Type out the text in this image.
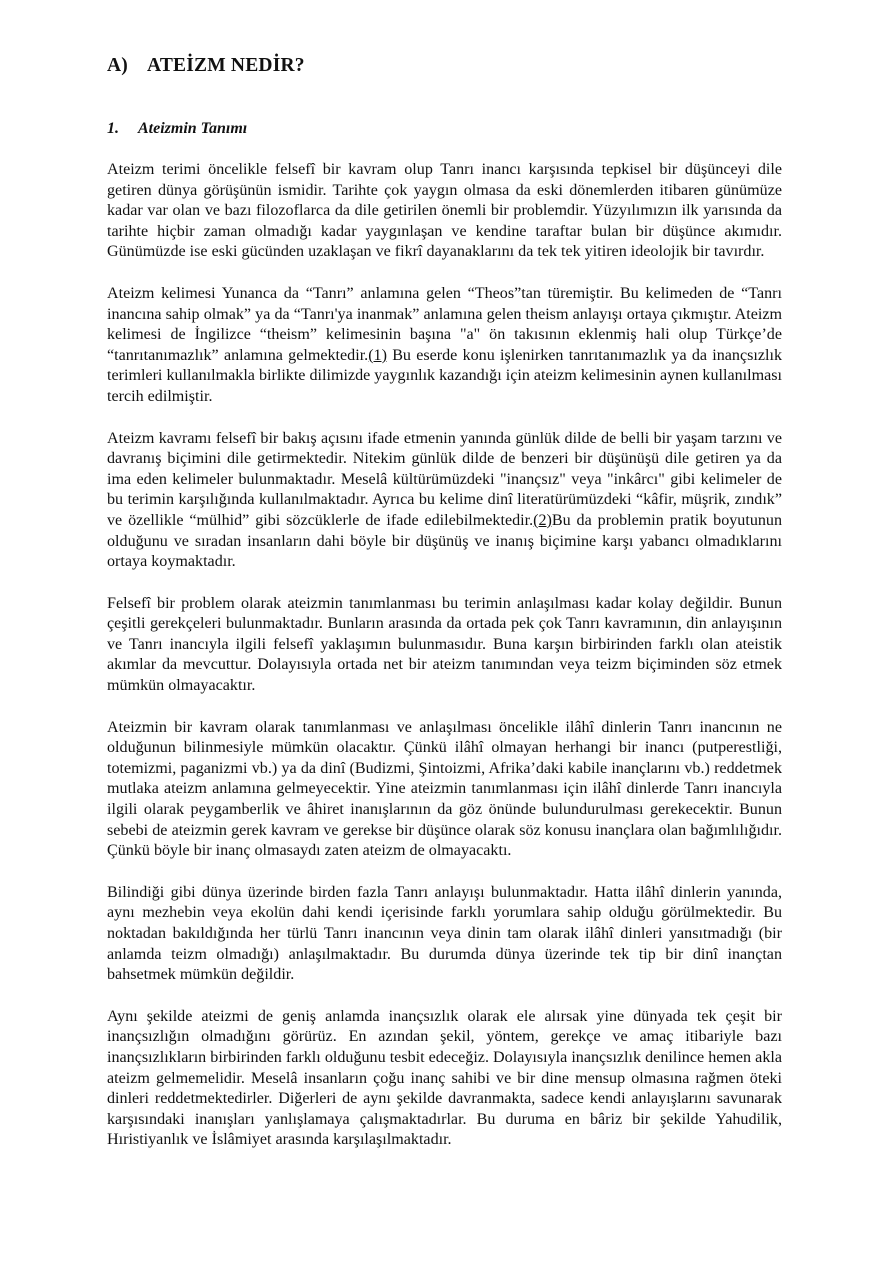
A) ATEİZM NEDİR?
1. Ateizmin Tanımı

Ateizm terimi öncelikle felsefî bir kavram olup Tanrı inancı karşısında tepkisel bir düşünceyi dile getiren dünya görüşünün ismidir. Tarihte çok yaygın olmasa da eski dönemlerden itibaren günümüze kadar var olan ve bazı filozoflarca da dile getirilen önemli bir problemdir. Yüzyılımızın ilk yarısında da tarihte hiçbir zaman olmadığı kadar yaygınlaşan ve kendine taraftar bulan bir düşünce akımıdır. Günümüzde ise eski gücünden uzaklaşan ve fikrî dayanaklarını da tek tek yitiren ideolojik bir tavırdır.

Ateizm kelimesi Yunanca da “Tanrı” anlamına gelen “Theos”tan türemiştir. Bu kelimeden de “Tanrı inancına sahip olmak” ya da “Tanrı'ya inanmak” anlamına gelen theism anlayışı ortaya çıkmıştır. Ateizm kelimesi de İngilizce “theism” kelimesinin başına "a" ön takısının eklenmiş hali olup Türkçe’de “tanrıtanımazlık” anlamına gelmektedir.(1) Bu eserde konu işlenirken tanrıtanımazlık ya da inançsızlık terimleri kullanılmakla birlikte dilimizde yaygınlık kazandığı için ateizm kelimesinin aynen kullanılması tercih edilmiştir.

Ateizm kavramı felsefî bir bakış açısını ifade etmenin yanında günlük dilde de belli bir yaşam tarzını ve davranış biçimini dile getirmektedir. Nitekim günlük dilde de benzeri bir düşünüşü dile getiren ya da ima eden kelimeler bulunmaktadır. Meselâ kültürümüzdeki "inançsız" veya "inkârcı" gibi kelimeler de bu terimin karşılığında kullanılmaktadır. Ayrıca bu kelime dinî literatürümüzdeki “kâfir, müşrik, zındık” ve özellikle “mülhid” gibi sözcüklerle de ifade edilebilmektedir.(2)Bu da problemin pratik boyutunun olduğunu ve sıradan insanların dahi böyle bir düşünüş ve inanış biçimine karşı yabancı olmadıklarını ortaya koymaktadır.

Felsefî bir problem olarak ateizmin tanımlanması bu terimin anlaşılması kadar kolay değildir. Bunun çeşitli gerekçeleri bulunmaktadır. Bunların arasında da ortada pek çok Tanrı kavramının, din anlayışının ve Tanrı inancıyla ilgili felsefî yaklaşımın bulunmasıdır. Buna karşın birbirinden farklı olan ateistik akımlar da mevcuttur. Dolayısıyla ortada net bir ateizm tanımından veya teizm biçiminden söz etmek mümkün olmayacaktır.

Ateizmin bir kavram olarak tanımlanması ve anlaşılması öncelikle ilâhî dinlerin Tanrı inancının ne olduğunun bilinmesiyle mümkün olacaktır. Çünkü ilâhî olmayan herhangi bir inancı (putperestliği, totemizmi, paganizmi vb.) ya da dinî (Budizmi, Şintoizmi, Afrika’daki kabile inançlarını vb.) reddetmek mutlaka ateizm anlamına gelmeyecektir. Yine ateizmin tanımlanması için ilâhî dinlerde Tanrı inancıyla ilgili olarak peygamberlik ve âhiret inanışlarının da göz önünde bulundurulması gerekecektir. Bunun sebebi de ateizmin gerek kavram ve gerekse bir düşünce olarak söz konusu inançlara olan bağımlılığıdır. Çünkü böyle bir inanç olmasaydı zaten ateizm de olmayacaktı.

Bilindiği gibi dünya üzerinde birden fazla Tanrı anlayışı bulunmaktadır. Hatta ilâhî dinlerin yanında, aynı mezhebin veya ekolün dahi kendi içerisinde farklı yorumlara sahip olduğu görülmektedir. Bu noktadan bakıldığında her türlü Tanrı inancının veya dinin tam olarak ilâhî dinleri yansıtmadığı (bir anlamda teizm olmadığı) anlaşılmaktadır. Bu durumda dünya üzerinde tek tip bir dinî inançtan bahsetmek mümkün değildir.

Aynı şekilde ateizmi de geniş anlamda inançsızlık olarak ele alırsak yine dünyada tek çeşit bir inançsızlığın olmadığını görürüz. En azından şekil, yöntem, gerekçe ve amaç itibariyle bazı inançsızlıkların birbirinden farklı olduğunu tesbit edeceğiz. Dolayısıyla inançsızlık denilince hemen akla ateizm gelmemelidir. Meselâ insanların çoğu inanç sahibi ve bir dine mensup olmasına rağmen öteki dinleri reddetmektedirler. Diğerleri de aynı şekilde davranmakta, sadece kendi anlayışlarını savunarak karşısındaki inanışları yanlışlamaya çalışmaktadırlar. Bu duruma en bâriz bir şekilde Yahudilik, Hıristiyanlık ve İslâmiyet arasında karşılaşılmaktadır.
